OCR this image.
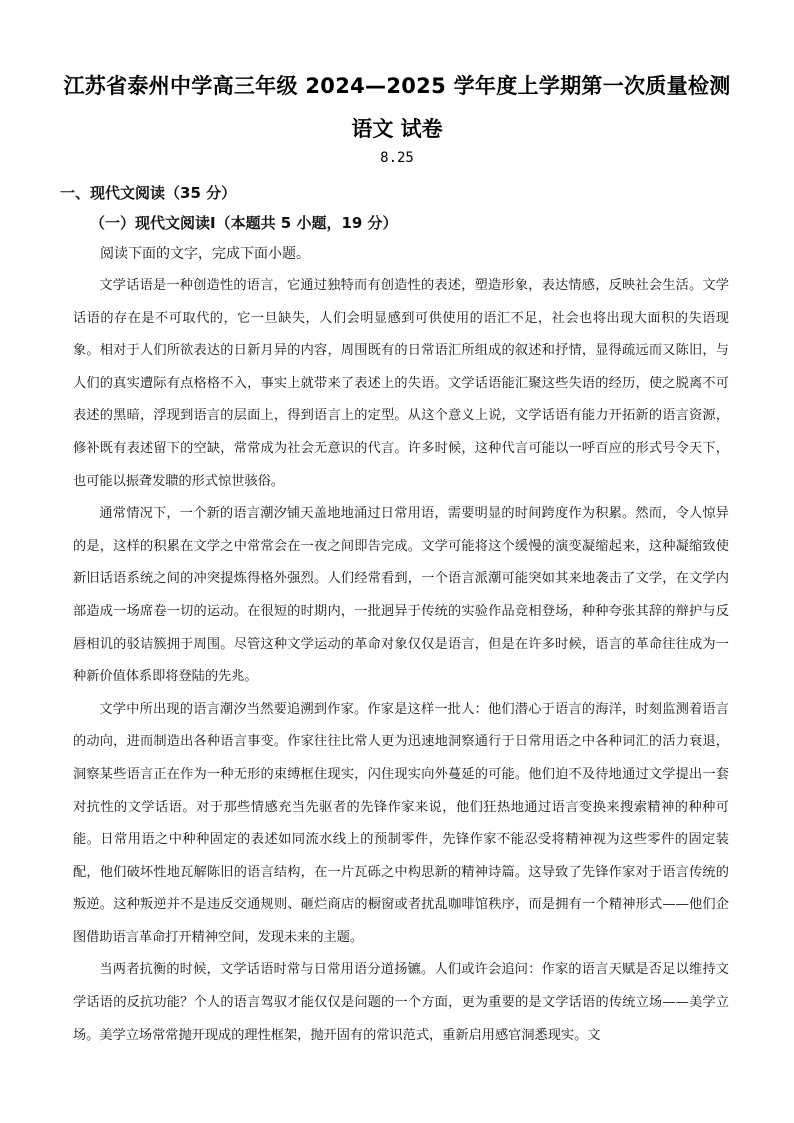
江苏省泰州中学高三年级 2024—2025 学年度上学期第一次质量检测
语文 试卷
8.25
一、现代文阅读（35 分）
（一）现代文阅读Ⅰ（本题共 5 小题，19 分）
阅读下面的文字，完成下面小题。

文学话语是一种创造性的语言，它通过独特而有创造性的表述，塑造形象，表达情感，反映社会生活。文学话语的存在是不可取代的，它一旦缺失，人们会明显感到可供使用的语汇不足，社会也将出现大面积的失语现象。相对于人们所欲表达的日新月异的内容，周围既有的日常语汇所组成的叙述和抒情，显得疏远而又陈旧，与人们的真实遭际有点格格不入，事实上就带来了表述上的失语。文学话语能汇聚这些失语的经历，使之脱离不可表述的黑暗，浮现到语言的层面上，得到语言上的定型。从这个意义上说，文学话语有能力开拓新的语言资源，修补既有表述留下的空缺，常常成为社会无意识的代言。许多时候，这种代言可能以一呼百应的形式号令天下，也可能以振聋发聩的形式惊世骇俗。

通常情况下，一个新的语言潮汐铺天盖地地涌过日常用语，需要明显的时间跨度作为积累。然而，令人惊异的是，这样的积累在文学之中常常会在一夜之间即告完成。文学可能将这个缓慢的演变凝缩起来，这种凝缩致使新旧话语系统之间的冲突提炼得格外强烈。人们经常看到，一个语言派潮可能突如其来地袭击了文学，在文学内部造成一场席卷一切的运动。在很短的时期内，一批迥异于传统的实验作品竞相登场，种种夸张其辞的辩护与反唇相讥的驳诘簇拥于周围。尽管这种文学运动的革命对象仅仅是语言，但是在许多时候，语言的革命往往成为一种新价值体系即将登陆的先兆。

文学中所出现的语言潮汐当然要追溯到作家。作家是这样一批人：他们潜心于语言的海洋，时刻监测着语言的动向，进而制造出各种语言事变。作家往往比常人更为迅速地洞察通行于日常用语之中各种词汇的活力衰退，洞察某些语言正在作为一种无形的束缚框住现实，闪住现实向外蔓延的可能。他们迫不及待地通过文学提出一套对抗性的文学话语。对于那些情感充当先驱者的先锋作家来说，他们狂热地通过语言变换来搜索精神的种种可能。日常用语之中种种固定的表述如同流水线上的预制零件，先锋作家不能忍受将精神视为这些零件的固定装配，他们破坏性地瓦解陈旧的语言结构，在一片瓦砾之中构思新的精神诗篇。这导致了先锋作家对于语言传统的叛逆。这种叛逆并不是违反交通规则、砸烂商店的橱窗或者扰乱咖啡馆秩序，而是拥有一个精神形式——他们企图借助语言革命打开精神空间，发现未来的主题。

当两者抗衡的时候，文学话语时常与日常用语分道扬镳。人们或许会追问：作家的语言天赋是否足以维持文学话语的反抗功能？个人的语言驾驭才能仅仅是问题的一个方面，更为重要的是文学话语的传统立场——美学立场。美学立场常常抛开现成的理性框架，抛开固有的常识范式，重新启用感官洞悉现实。文
